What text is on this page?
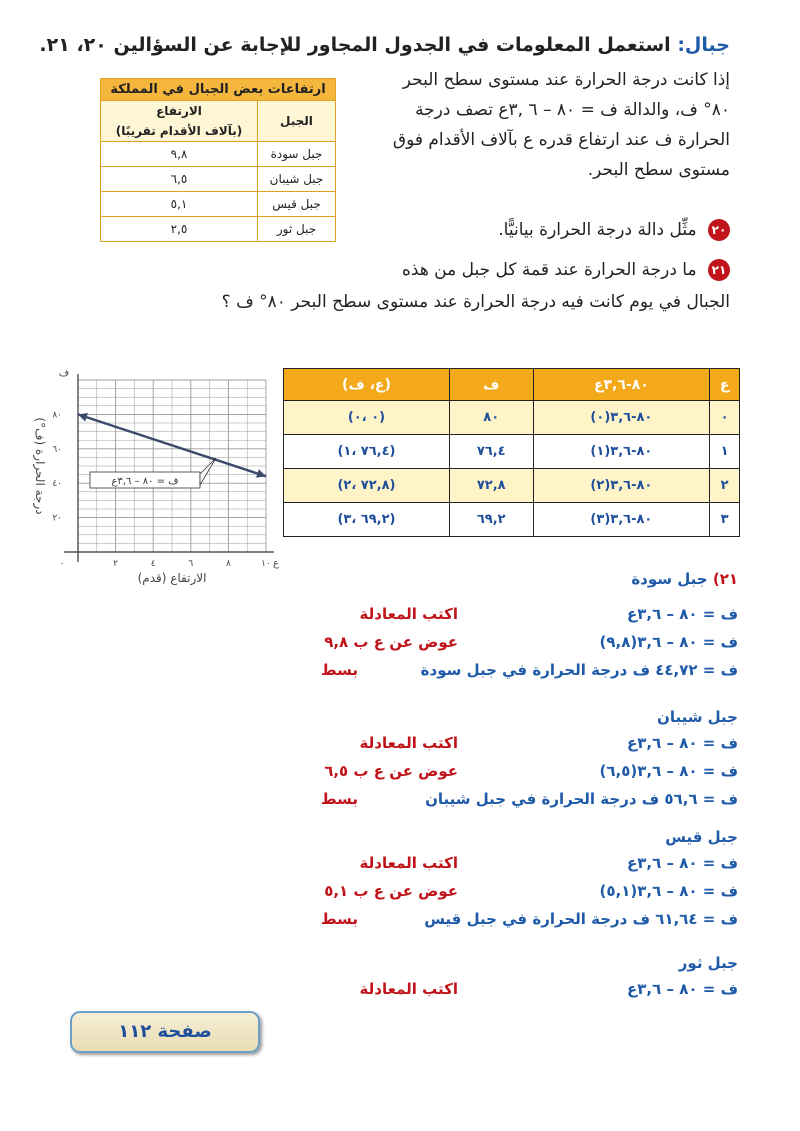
جبال: استعمل المعلومات في الجدول المجاور للإجابة عن السؤالين ٢٠، ٢١.
إذا كانت درجة الحرارة عند مستوى سطح البحر
٨٠° ف، والدالة ف = ٨٠ – ٦ ,٣ع تصف درجة
الحرارة ف عند ارتفاع قدره ع بآلاف الأقدام فوق
مستوى سطح البحر.
٢٠ مثِّل دالة درجة الحرارة بيانيًّا.
٢١ ما درجة الحرارة عند قمة كل جبل من هذه
الجبال في يوم كانت فيه درجة الحرارة عند مستوى سطح البحر ٨٠° ف ؟
ارتفاعات بعض الجبال في المملكة	
الجبل	الارتفاع
(بآلاف الأقدام تقريبًا)

جبل سودة	٩,٨
جبل شيبان	٦,٥
جبل قيس	٥,١
جبل ثور	٢,٥
٢	٤	٦	٨	١٠
٢٠
٤٠
٦٠
٨٠
٠
ف = ٨٠ – ٣,٦ع
ف
ع
الارتفاع (قدم)
درجة الحرارة (ف°)
ع	٨٠-٣,٦ع	ف	(ع، ف)
٠	٨٠-٣,٦(٠)	٨٠	(٠ ،٠)
١	٨٠-٣,٦(١)	٧٦,٤	(٧٦,٤ ،١)
٢	٨٠-٣,٦(٢)	٧٢,٨	(٧٢,٨ ،٢)
٣	٨٠-٣,٦(٣)	٦٩,٢	(٦٩,٢ ،٣)
٢١) جبل سودة
ف = ٨٠ – ٣,٦ع
اكتب المعادلة
ف = ٨٠ – ٣,٦(٩,٨)
عوض عن ع ب ٩,٨
ف = ٤٤,٧٢ ف درجة الحرارة في جبل سودة
بسط
جبل شيبان
ف = ٨٠ – ٣,٦ع
اكتب المعادلة
ف = ٨٠ – ٣,٦(٦,٥)
عوض عن ع ب ٦,٥
ف = ٥٦,٦ ف درجة الحرارة في جبل شيبان
بسط
جبل قيس
ف = ٨٠ – ٣,٦ع
اكتب المعادلة
ف = ٨٠ – ٣,٦(٥,١)
عوض عن ع ب ٥,١
ف = ٦١,٦٤ ف درجة الحرارة في جبل قيس
بسط
جبل ثور
ف = ٨٠ – ٣,٦ع
اكتب المعادلة
صفحة ١١٢
